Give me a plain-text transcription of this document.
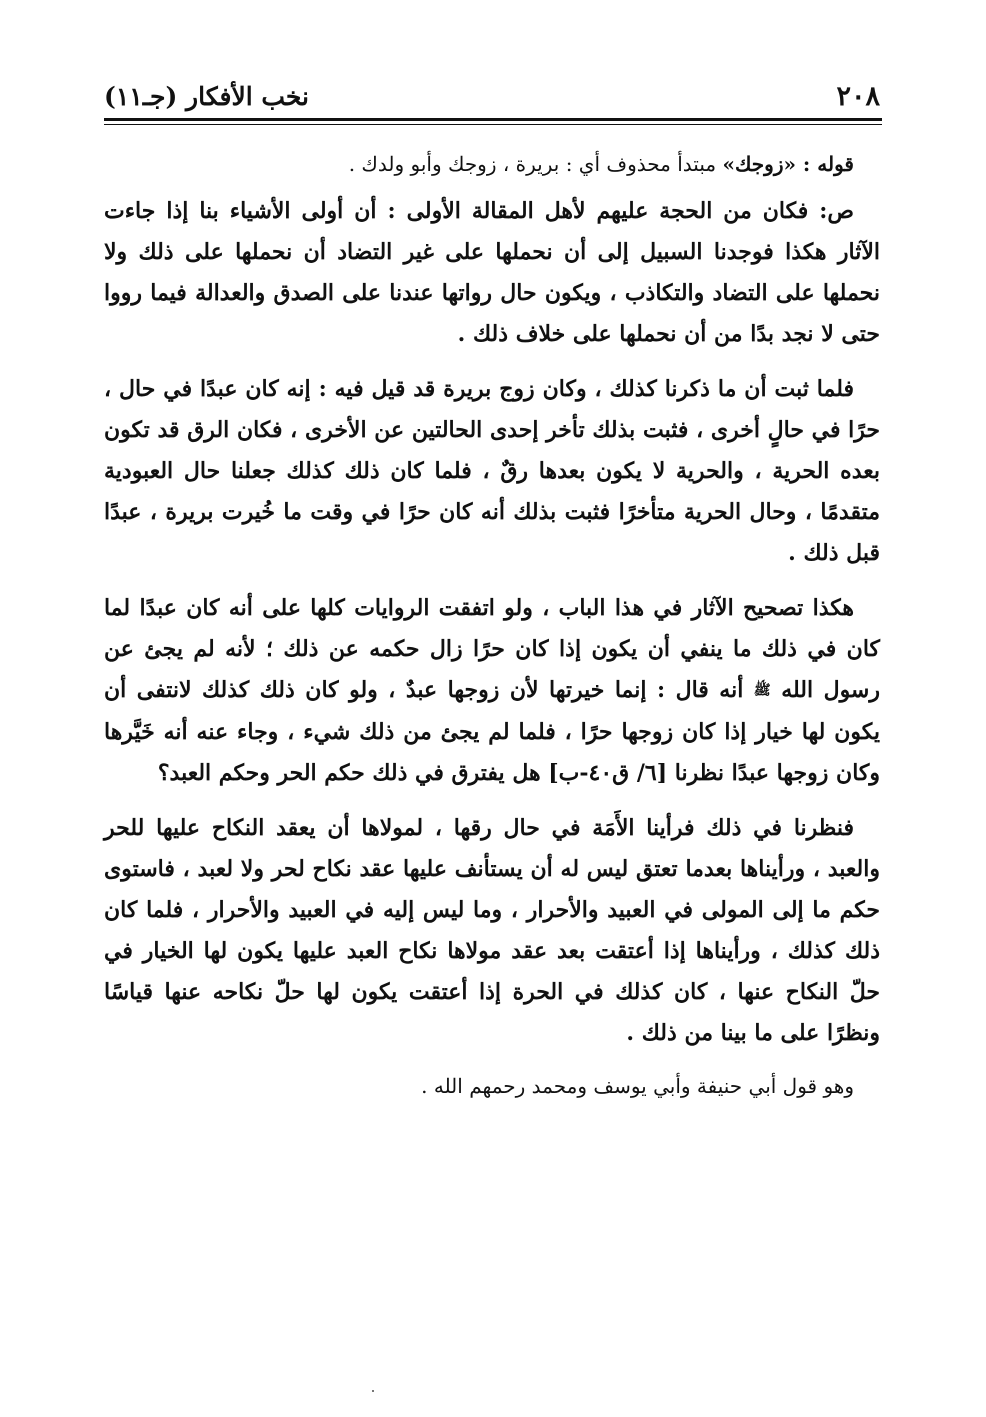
٢٠٨
نخب الأفكار (جـ١١)

قوله : «زوجك» مبتدأ محذوف أي : بريرة ، زوجك وأبو ولدك .

ص: فكان من الحجة عليهم لأهل المقالة الأولى : أن أولى الأشياء بنا إذا جاءت الآثار هكذا فوجدنا السبيل إلى أن نحملها على غير التضاد أن نحملها على ذلك ولا نحملها على التضاد والتكاذب ، ويكون حال رواتها عندنا على الصدق والعدالة فيما رووا حتى لا نجد بدًا من أن نحملها على خلاف ذلك .

فلما ثبت أن ما ذكرنا كذلك ، وكان زوج بريرة قد قيل فيه : إنه كان عبدًا في حال ، حرًا في حالٍ أخرى ، فثبت بذلك تأخر إحدى الحالتين عن الأخرى ، فكان الرق قد تكون بعده الحرية ، والحرية لا يكون بعدها رقٌ ، فلما كان ذلك كذلك جعلنا حال العبودية متقدمًا ، وحال الحرية متأخرًا فثبت بذلك أنه كان حرًا في وقت ما خُيرت بريرة ، عبدًا قبل ذلك .

هكذا تصحيح الآثار في هذا الباب ، ولو اتفقت الروايات كلها على أنه كان عبدًا لما كان في ذلك ما ينفي أن يكون إذا كان حرًا زال حكمه عن ذلك ؛ لأنه لم يجئ عن رسول الله ﷺ أنه قال : إنما خيرتها لأن زوجها عبدٌ ، ولو كان ذلك كذلك لانتفى أن يكون لها خيار إذا كان زوجها حرًا ، فلما لم يجئ من ذلك شيء ، وجاء عنه أنه خَيَّرها وكان زوجها عبدًا نظرنا [٦/ ق٤٠-ب] هل يفترق في ذلك حكم الحر وحكم العبد؟

فنظرنا في ذلك فرأينا الأَمَة في حال رقها ، لمولاها أن يعقد النكاح عليها للحر والعبد ، ورأيناها بعدما تعتق ليس له أن يستأنف عليها عقد نكاح لحر ولا لعبد ، فاستوى حكم ما إلى المولى في العبيد والأحرار ، وما ليس إليه في العبيد والأحرار ، فلما كان ذلك كذلك ، ورأيناها إذا أعتقت بعد عقد مولاها نكاح العبد عليها يكون لها الخيار في حلّ النكاح عنها ، كان كذلك في الحرة إذا أعتقت يكون لها حلّ نكاحه عنها قياسًا ونظرًا على ما بينا من ذلك .

وهو قول أبي حنيفة وأبي يوسف ومحمد رحمهم الله .
